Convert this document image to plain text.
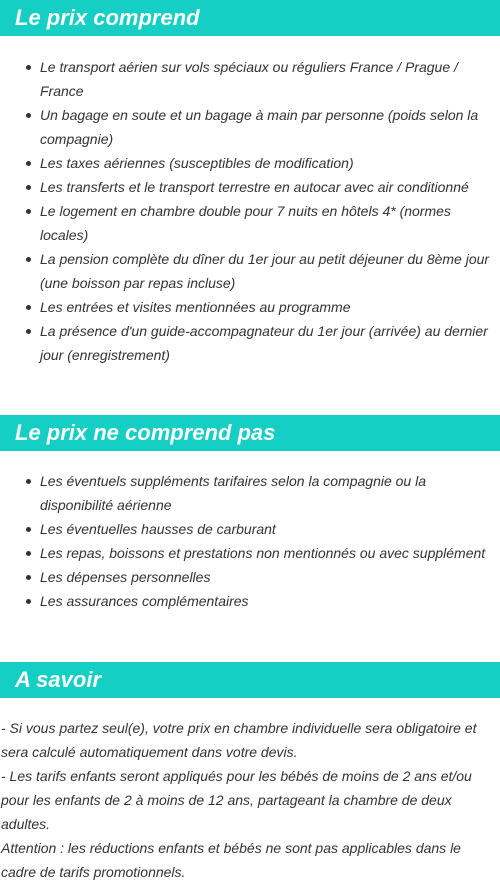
Le prix comprend
Le transport aérien sur vols spéciaux ou réguliers France / Prague / France
Un bagage en soute et un bagage à main par personne (poids selon la compagnie)
Les taxes aériennes (susceptibles de modification)
Les transferts et le transport terrestre en autocar avec air conditionné
Le logement en chambre double pour 7 nuits en hôtels 4* (normes locales)
La pension complète du dîner du 1er jour au petit déjeuner du 8ème jour (une boisson par repas incluse)
Les entrées et visites mentionnées au programme
La présence d'un guide-accompagnateur du 1er jour (arrivée) au dernier jour (enregistrement)
Le prix ne comprend pas
Les éventuels suppléments tarifaires selon la compagnie ou la disponibilité aérienne
Les éventuelles hausses de carburant
Les repas, boissons et prestations non mentionnés ou avec supplément
Les dépenses personnelles
Les assurances complémentaires
A savoir

- Si vous partez seul(e), votre prix en chambre individuelle sera obligatoire et sera calculé automatiquement dans votre devis.

- Les tarifs enfants seront appliqués pour les bébés de moins de 2 ans et/ou pour les enfants de 2 à moins de 12 ans, partageant la chambre de deux adultes.

Attention : les réductions enfants et bébés ne sont pas applicables dans le cadre de tarifs promotionnels.
